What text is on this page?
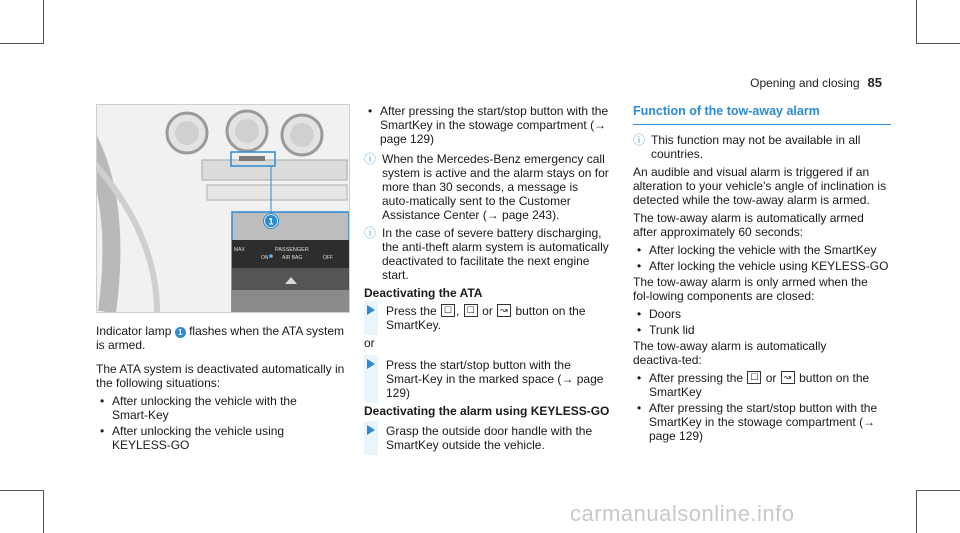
Opening and closing 85
1
MAX
ON
PASSENGER
AIR BAG	OFF

Indicator lamp 1 flashes when the ATA system is armed.

The ATA system is deactivated automatically in the following situations:

• After unlocking the vehicle with the Smart‑Key
• After unlocking the vehicle using KEYLESS‑GO
• After pressing the start/stop button with the SmartKey in the stowage compartment (→ page 129)
ⓘ When the Mercedes‑Benz emergency call system is active and the alarm stays on for more than 30 seconds, a message is auto‑matically sent to the Customer Assistance Center (→ page 243).
ⓘ In the case of severe battery discharging, the anti‑theft alarm system is automatically deactivated to facilitate the next engine start.
Deactivating the ATA
Press the ☐ , ☐ or ↝ button on the SmartKey.

or

Press the start/stop button with the Smart‑Key in the marked space (→ page 129)
Deactivating the alarm using KEYLESS‑GO
Grasp the outside door handle with the SmartKey outside the vehicle.
Function of the tow‑away alarm
ⓘ This function may not be available in all countries.

An audible and visual alarm is triggered if an alteration to your vehicle's angle of inclination is detected while the tow‑away alarm is armed.

The tow‑away alarm is automatically armed after approximately 60 seconds:

• After locking the vehicle with the SmartKey
• After locking the vehicle using KEYLESS‑GO

The tow‑away alarm is only armed when the fol‑lowing components are closed:

• Doors
• Trunk lid

The tow‑away alarm is automatically deactiva‑ted:

• After pressing the ☐ or ↝ button on the SmartKey
• After pressing the start/stop button with the SmartKey in the stowage compartment (→ page 129)
carmanualsonline.info
